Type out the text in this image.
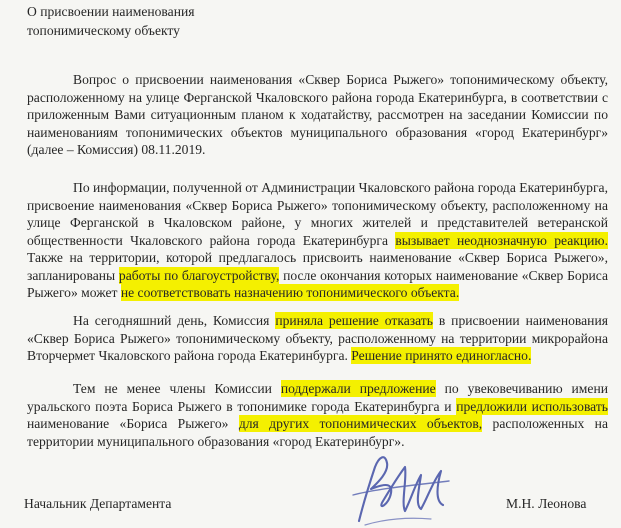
О присвоении наименования
топонимическому объекту

Вопрос о присвоении наименования «Сквер Бориса Рыжего» топонимическому объекту, расположенному на улице Ферганской Чкаловского района города Екатеринбурга, в соответствии с приложенным Вами ситуационным планом к ходатайству, рассмотрен на заседании Комиссии по наименованиям топонимических объектов муниципального образования «город Екатеринбург» (далее – Комиссия) 08.11.2019.

По информации, полученной от Администрации Чкаловского района города Екатеринбурга, присвоение наименования «Сквер Бориса Рыжего» топонимическому объекту, расположенному на улице Ферганской в Чкаловском районе, у многих жителей и представителей ветеранской общественности Чкаловского района города Екатеринбурга вызывает неоднозначную реакцию. Также на территории, которой предлагалось присвоить наименование «Сквер Бориса Рыжего», запланированы работы по благоустройству, после окончания которых наименование «Сквер Бориса Рыжего» может не соответствовать назначению топонимического объекта.

На сегодняшний день, Комиссия приняла решение отказать в присвоении наименования «Сквер Бориса Рыжего» топонимическому объекту, расположенному на территории микрорайона Вторчермет Чкаловского района города Екатеринбурга. Решение принято единогласно.

Тем не менее члены Комиссии поддержали предложение по увековечиванию имени уральского поэта Бориса Рыжего в топонимике города Екатеринбурга и предложили использовать наименование «Бориса Рыжего» для других топонимических объектов, расположенных на территории муниципального образования «город Екатеринбург».

Начальник Департамента	М.Н. Леонова
